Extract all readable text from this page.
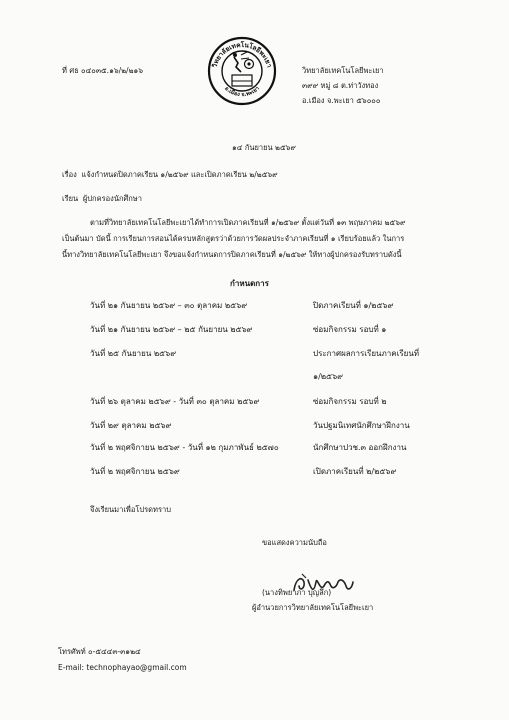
วิทยาลัยเทคโนโลยีพะเยา
อ.เมือง จ.พะเยา
ที่ ศธ ๐๔๐๓๕.๑๖/๒/๒๑๖	วิทยาลัยเทคโนโลยีพะเยา
๓๙๙ หมู่ ๘ ต.ท่าวังทอง
อ.เมือง จ.พะเยา ๕๖๐๐๐
๑๔ กันยายน ๒๕๖๙
เรื่อง แจ้งกำหนดปิดภาคเรียน ๑/๒๕๖๙ และเปิดภาคเรียน ๒/๒๕๖๙
เรียน ผู้ปกครองนักศึกษา
ตามที่วิทยาลัยเทคโนโลยีพะเยาได้ทำการเปิดภาคเรียนที่ ๑/๒๕๖๙ ตั้งแต่วันที่ ๑๓ พฤษภาคม ๒๕๖๙
เป็นต้นมา บัดนี้ การเรียนการสอนได้ครบหลักสูตรว่าด้วยการวัดผลประจำภาคเรียนที่ ๑ เรียบร้อยแล้ว ในการ
นี้ทางวิทยาลัยเทคโนโลยีพะเยา จึงขอแจ้งกำหนดการปิดภาคเรียนที่ ๑/๒๕๖๙ ให้ทางผู้ปกครองรับทราบดังนี้
กำหนดการ
วันที่ ๒๑ กันยายน ๒๕๖๙ – ๓๐ ตุลาคม ๒๕๖๙	ปิดภาคเรียนที่ ๑/๒๕๖๙
วันที่ ๒๑ กันยายน ๒๕๖๙ – ๒๕ กันยายน ๒๕๖๙	ซ่อมกิจกรรม รอบที่ ๑
วันที่ ๒๕ กันยายน ๒๕๖๙	ประกาศผลการเรียนภาคเรียนที่
๑/๒๕๖๙
วันที่ ๒๖ ตุลาคม ๒๕๖๙ - วันที่ ๓๐ ตุลาคม ๒๕๖๙	ซ่อมกิจกรรม รอบที่ ๒
วันที่ ๒๙ ตุลาคม ๒๕๖๙	วันปฐมนิเทศนักศึกษาฝึกงาน
วันที่ ๒ พฤศจิกายน ๒๕๖๙ - วันที่ ๑๒ กุมภาพันธ์ ๒๕๗๐	นักศึกษาปวช.๓ ออกฝึกงาน
วันที่ ๒ พฤศจิกายน ๒๕๖๙	เปิดภาคเรียนที่ ๒/๒๕๖๙
จึงเรียนมาเพื่อโปรดทราบ
ขอแสดงความนับถือ
(นางทิพยาภา บุญลึก)
ผู้อำนวยการวิทยาลัยเทคโนโลยีพะเยา
โทรศัพท์ ๐-๕๔๔๓-๓๑๒๔
E-mail: technophayao@gmail.com
